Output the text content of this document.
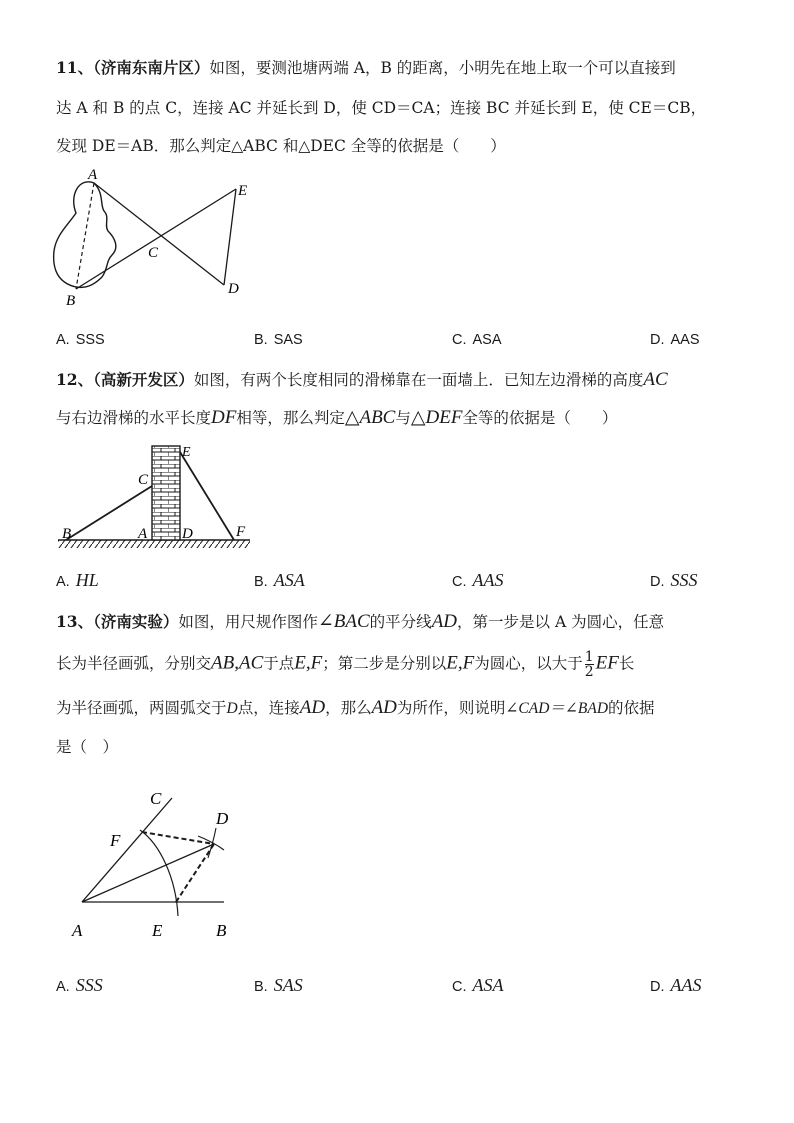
11、（济南东南片区）如图，要测池塘两端 A，B 的距离，小明先在地上取一个可以直接到
达 A 和 B 的点 C，连接 AC 并延长到 D，使 CD＝CA；连接 BC 并延长到 E，使 CE＝CB，
发现 DE＝AB．那么判定△ABC 和△DEC 全等的依据是（　　）
A
B
C
D
E
A. SSS	B. SAS	C. ASA	D. AAS
12、（高新开发区）如图，有两个长度相同的滑梯靠在一面墙上．已知左边滑梯的高度AC
与右边滑梯的水平长度DF相等，那么判定△ABC与△DEF全等的依据是（　　）
B	A
C
D
E
F
A. HL	B. ASA	C. AAS	D. SSS
13、（济南实验）如图，用尺规作图作∠BAC的平分线AD，第一步是以 A 为圆心，任意
长为半径画弧，分别交AB,AC于点E,F；第二步是分别以E,F为圆心，以大于 $\frac{1}{2}$ EF长
为半径画弧，两圆弧交于D点，连接AD，那么AD为所作，则说明∠CAD＝∠BAD的依据
是（　）
C
D
F
A	E	B
A. SSS	B. SAS	C. ASA	D. AAS
